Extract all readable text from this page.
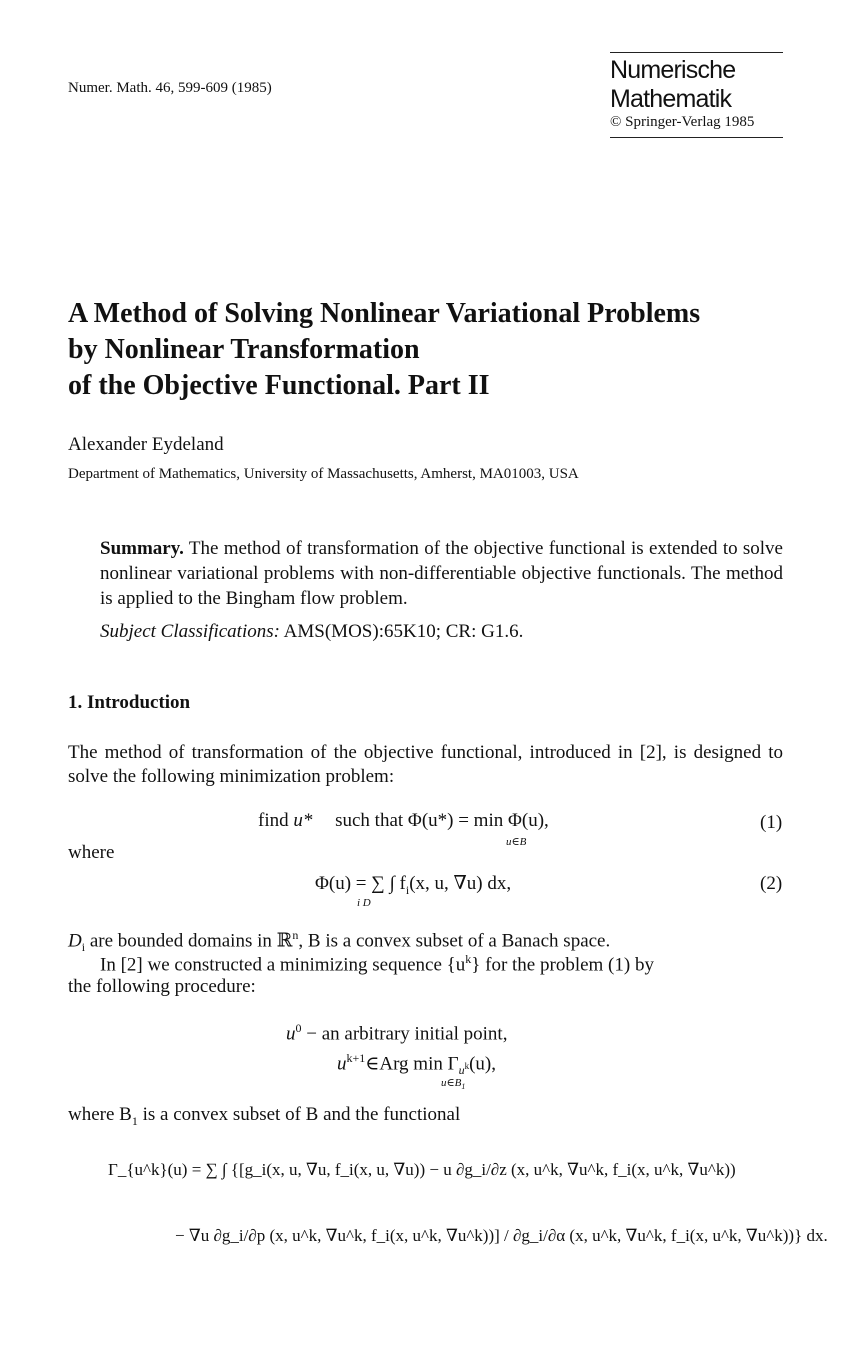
Numer. Math. 46, 599-609 (1985)
Numerische
Mathematik
© Springer-Verlag 1985
A Method of Solving Nonlinear Variational Problems
by Nonlinear Transformation
of the Objective Functional. Part II
Alexander Eydeland
Department of Mathematics, University of Massachusetts, Amherst, MA01003, USA
Summary. The method of transformation of the objective functional is extended to solve nonlinear variational problems with non-differentiable objective functionals. The method is applied to the Bingham flow problem.
Subject Classifications: AMS(MOS):65K10; CR: G1.6.
1. Introduction
The method of transformation of the objective functional, introduced in [2], is designed to solve the following minimization problem:
find u* such that Φ(u*) = min Φ(u),
u∈B
(1)
where
Φ(u) = ∑ ∫ $f_i(x$, u, ∇u) dx,
i D
(2)
$D_i$ are bounded domains in ℝ$^n$, B is a convex subset of a Banach space.
In [2] we constructed a minimizing sequence $\{u^k\}$ for the problem (1) by
the following procedure:
$u^0$ − an arbitrary initial point,
$u^{k+1}\in Arg$ $\min \Gamma_{u^k}(u)$,
$u\in B_1$
where $B_1$ is a convex subset of B and the functional
Γ_{u^k}(u) = ∑ ∫ {[g_i(x, u, ∇u, f_i(x, u, ∇u)) − u ∂g_i/∂z (x, u^k, ∇u^k, f_i(x, u^k, ∇u^k))
− ∇u ∂g_i/∂p (x, u^k, ∇u^k, f_i(x, u^k, ∇u^k))] / ∂g_i/∂α (x, u^k, ∇u^k, f_i(x, u^k, ∇u^k))} dx.
